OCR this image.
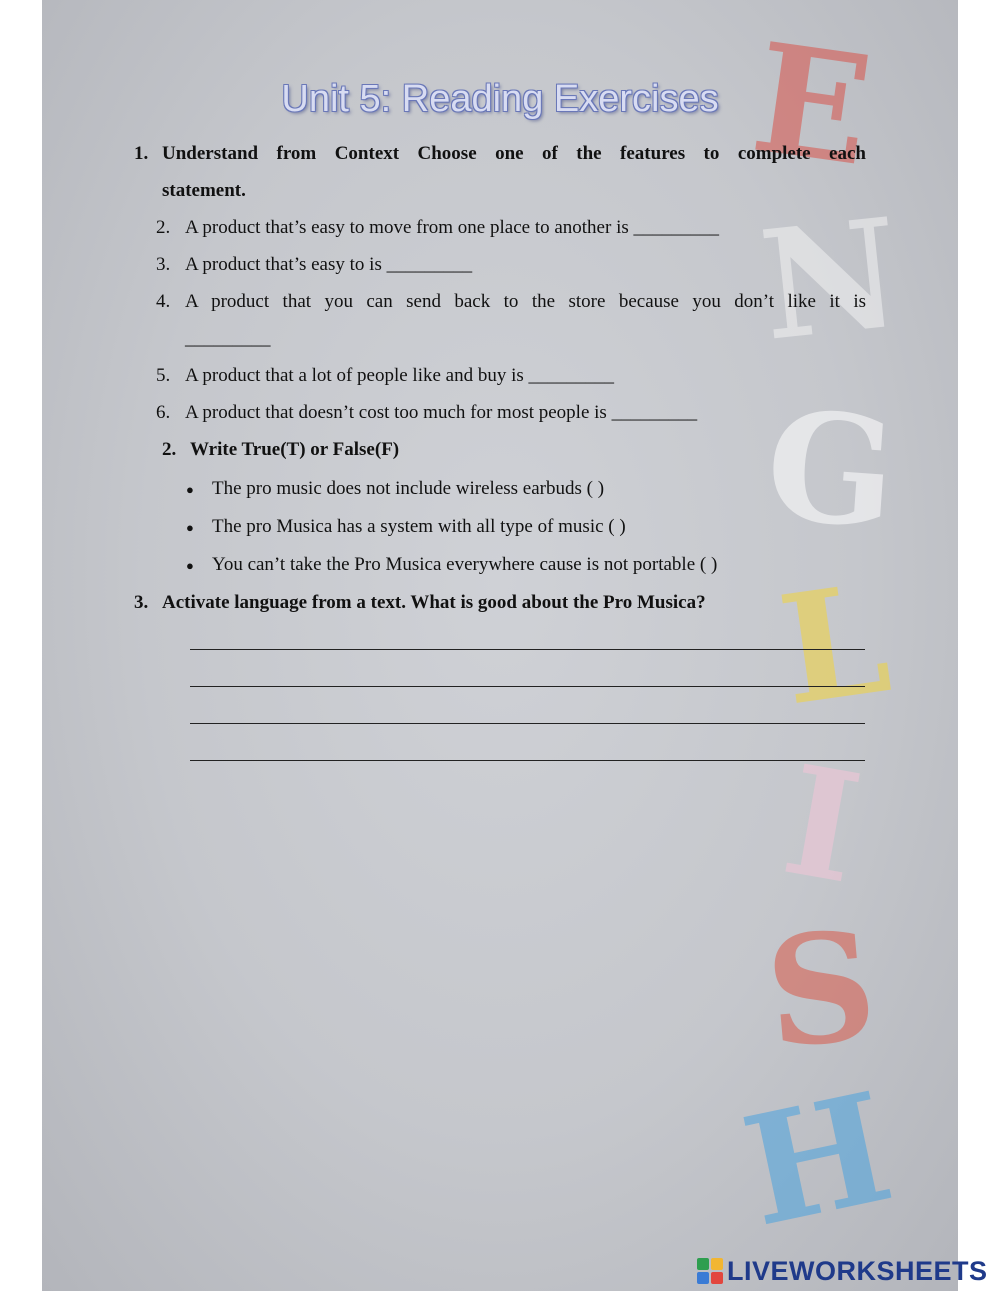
E
N
G
L
I
S
H
Unit 5: Reading Exercises
1. Understand from Context Choose one of the features to complete each
statement.
2. A product that’s easy to move from one place to another is _________
3. A product that’s easy to is _________
4. A product that you can send back to the store because you don’t like it is
_________
5. A product that a lot of people like and buy is _________
6. A product that doesn’t cost too much for most people is _________
2. Write True(T) or False(F)
● The pro music does not include wireless earbuds ( )
● The pro Musica has a system with all type of music ( )
● You can’t take the Pro Musica everywhere cause is not portable ( )
3. Activate language from a text. What is good about the Pro Musica?
LIVEWORKSHEETS
